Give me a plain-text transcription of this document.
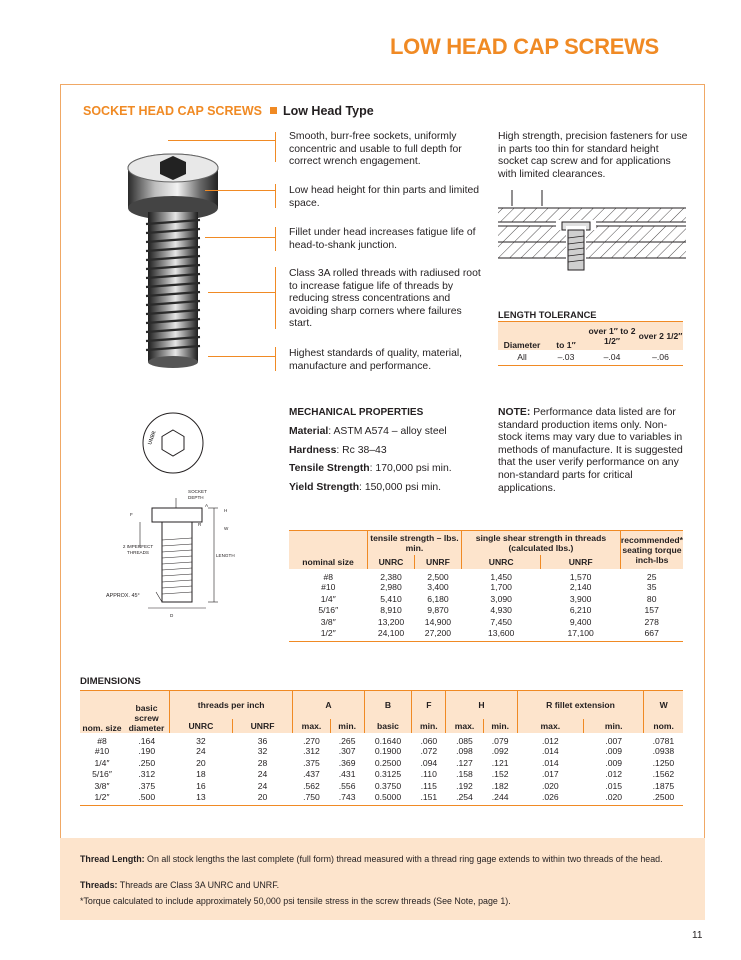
LOW HEAD CAP SCREWS
SOCKET HEAD CAP SCREWS Low Head Type
Smooth, burr-free sockets, uniformly concentric and usable to full depth for correct wrench engagement.
Low head height for thin parts and limited space.
Fillet under head increases fatigue life of head-to-shank junction.
Class 3A rolled threads with radiused root to increase fatigue life of threads by reducing stress concentrations and avoiding sharp corners where failures start.
Highest standards of quality, material, manufacture and performance.
High strength, precision fasteners for use in parts too thin for standard height socket cap screw and for applications with limited clearances.
LENGTH TOLERANCE
Diameter	to 1″	over 1″ to 2 1/2″	over 2 1/2″
All	–.03	–.04	–.06
UNBR
SOCKET DEPTH
2 IMPERFECT THREADS
LENGTH
APPROX. 45°
A
H
R
F
D
W
MECHANICAL PROPERTIES
Material: ASTM A574 – alloy steel
Hardness: Rc 38–43
Tensile Strength: 170,000 psi min.
Yield Strength: 150,000 psi min.
NOTE: Performance data listed are for standard production items only. Non-stock items may vary due to variables in methods of manufacture. It is suggested that the user verify performance on any non-standard parts for critical applications.
nominal size	tensile strength – lbs. min.		single shear strength in threads (calculated lbs.)		recommended* seating torque inch-lbs
	UNRC	UNRF	UNRC	UNRF	
#8	2,380	2,500	1,450	1,570	25
#10	2,980	3,400	1,700	2,140	35
1/4″	5,410	6,180	3,090	3,900	80
5/16″	8,910	9,870	4,930	6,210	157
3/8″	13,200	14,900	7,450	9,400	278
1/2″	24,100	27,200	13,600	17,100	667
DIMENSIONS
nom. size	basic screw diameter	threads per inch		A		B	F	H		R fillet extension		W
		UNRC	UNRF	max.	min.	basic	min.	max.	min.	max.	min.	nom.
#8	.164	32	36	.270	.265	0.1640	.060	.085	.079	.012	.007	.0781
#10	.190	24	32	.312	.307	0.1900	.072	.098	.092	.014	.009	.0938
1/4″	.250	20	28	.375	.369	0.2500	.094	.127	.121	.014	.009	.1250
5/16″	.312	18	24	.437	.431	0.3125	.110	.158	.152	.017	.012	.1562
3/8″	.375	16	24	.562	.556	0.3750	.115	.192	.182	.020	.015	.1875
1/2″	.500	13	20	.750	.743	0.5000	.151	.254	.244	.026	.020	.2500
Thread Length: On all stock lengths the last complete (full form) thread measured with a thread ring gage extends to within two threads of the head.
Threads: Threads are Class 3A UNRC and UNRF.
*Torque calculated to include approximately 50,000 psi tensile stress in the screw threads (See Note, page 1).
11
